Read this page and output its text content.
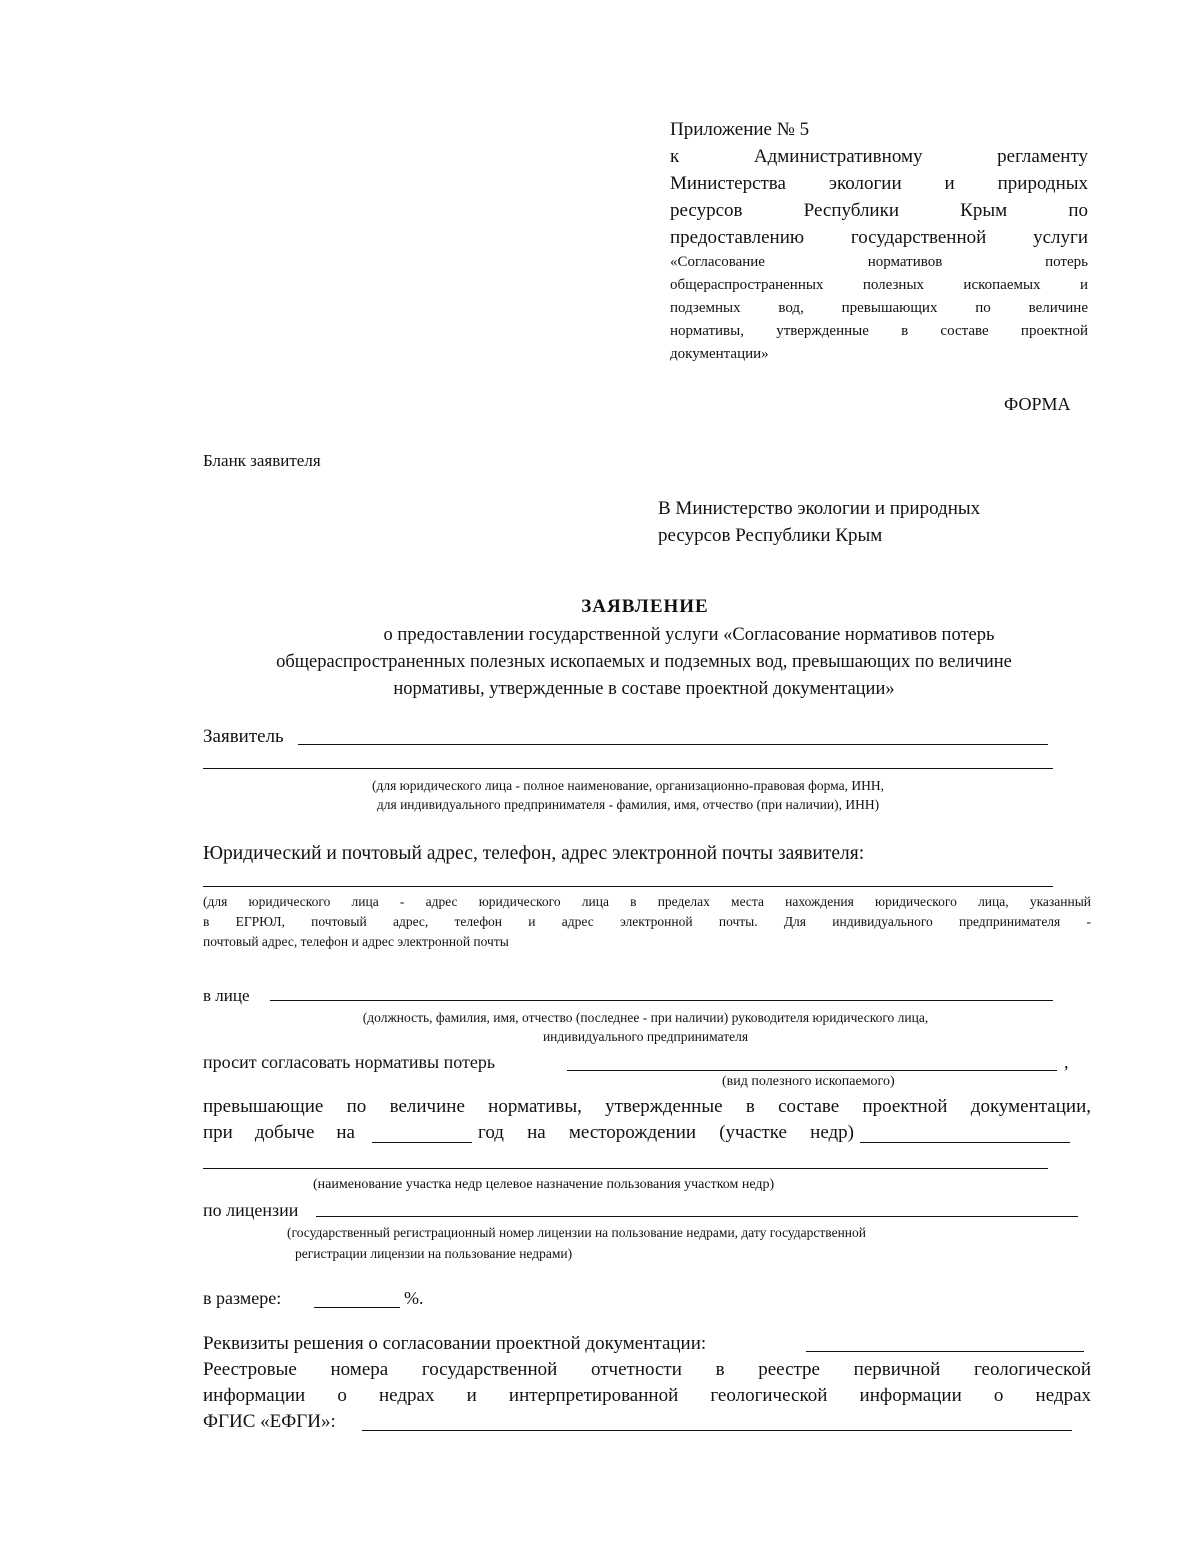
Приложение № 5
к Административному регламенту
Министерства экологии и природных
ресурсов Республики Крым по
предоставлению государственной услуги
«Согласование нормативов потерь
общераспространенных полезных ископаемых и
подземных вод, превышающих по величине
нормативы, утвержденные в составе проектной
документации»
ФОРМА
Бланк заявителя
В Министерство экологии и природных
ресурсов Республики Крым
ЗАЯВЛЕНИЕ
о предоставлении государственной услуги «Согласование нормативов потерь
общераспространенных полезных ископаемых и подземных вод, превышающих по величине
нормативы, утвержденные в составе проектной документации»
Заявитель
(для юридического лица - полное наименование, организационно-правовая форма, ИНН,
для индивидуального предпринимателя - фамилия, имя, отчество (при наличии), ИНН)
Юридический и почтовый адрес, телефон, адрес электронной почты заявителя:
(для юридического лица - адрес юридического лица в пределах места нахождения юридического лица, указанный
в ЕГРЮЛ, почтовый адрес, телефон и адрес электронной почты. Для индивидуального предпринимателя -
почтовый адрес, телефон и адрес электронной почты
в лице
(должность, фамилия, имя, отчество (последнее - при наличии) руководителя юридического лица,
индивидуального предпринимателя
просит согласовать нормативы потерь	,
(вид полезного ископаемого)
превышающие по величине нормативы, утвержденные в составе проектной документации,
при добыче на	год на месторождении (участке недр)
(наименование участка недр целевое назначение пользования участком недр)
по лицензии
(государственный регистрационный номер лицензии на пользование недрами, дату государственной
регистрации лицензии на пользование недрами)
в размере:	%.
Реквизиты решения о согласовании проектной документации:
Реестровые номера государственной отчетности в реестре первичной геологической
информации о недрах и интерпретированной геологической информации о недрах
ФГИС «ЕФГИ»:
